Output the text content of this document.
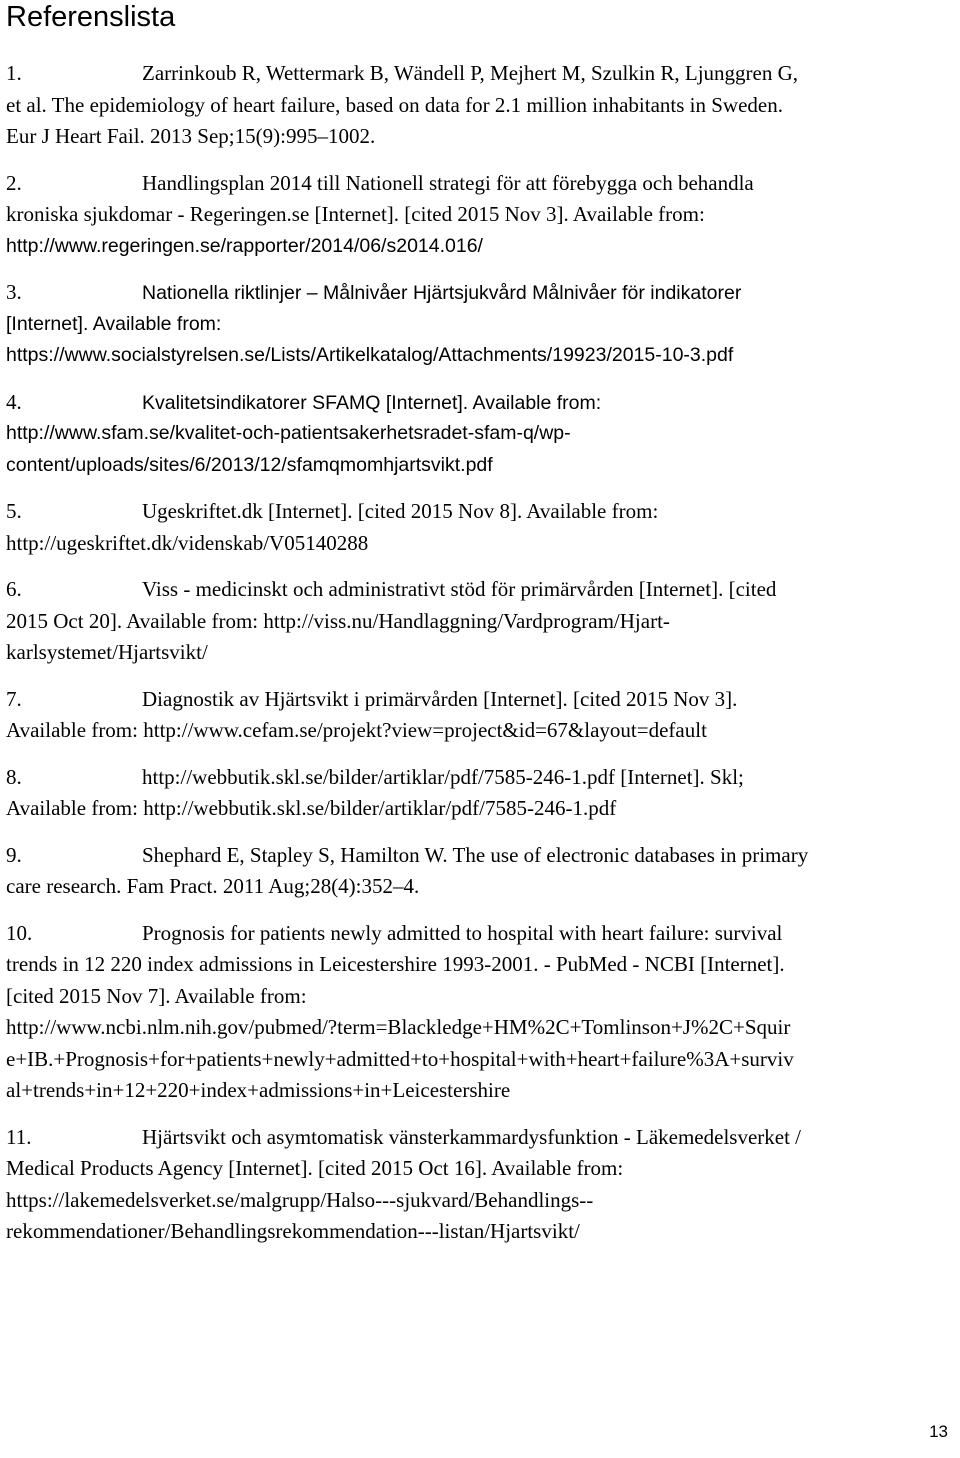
Referenslista
1.	Zarrinkoub R, Wettermark B, Wändell P, Mejhert M, Szulkin R, Ljunggren G,
et al. The epidemiology of heart failure, based on data for 2.1 million inhabitants in Sweden.
Eur J Heart Fail. 2013 Sep;15(9):995–1002.
2.	Handlingsplan 2014 till Nationell strategi för att förebygga och behandla
kroniska sjukdomar - Regeringen.se [Internet]. [cited 2015 Nov 3]. Available from:
http://www.regeringen.se/rapporter/2014/06/s2014.016/
3.	Nationella riktlinjer – Målnivåer Hjärtsjukvård Målnivåer för indikatorer
[Internet]. Available from:
https://www.socialstyrelsen.se/Lists/Artikelkatalog/Attachments/19923/2015-10-3.pdf
4.	Kvalitetsindikatorer SFAMQ [Internet]. Available from:
http://www.sfam.se/kvalitet-och-patientsakerhetsradet-sfam-q/wp-
content/uploads/sites/6/2013/12/sfamqmomhjartsvikt.pdf
5.	Ugeskriftet.dk [Internet]. [cited 2015 Nov 8]. Available from:
http://ugeskriftet.dk/videnskab/V05140288
6.	Viss - medicinskt och administrativt stöd för primärvården [Internet]. [cited
2015 Oct 20]. Available from: http://viss.nu/Handlaggning/Vardprogram/Hjart-
karlsystemet/Hjartsvikt/
7.	Diagnostik av Hjärtsvikt i primärvården [Internet]. [cited 2015 Nov 3].
Available from: http://www.cefam.se/projekt?view=project&id=67&layout=default
8.	http://webbutik.skl.se/bilder/artiklar/pdf/7585-246-1.pdf [Internet]. Skl;
Available from: http://webbutik.skl.se/bilder/artiklar/pdf/7585-246-1.pdf
9.	Shephard E, Stapley S, Hamilton W. The use of electronic databases in primary
care research. Fam Pract. 2011 Aug;28(4):352–4.
10.	Prognosis for patients newly admitted to hospital with heart failure: survival
trends in 12 220 index admissions in Leicestershire 1993-2001. - PubMed - NCBI [Internet].
[cited 2015 Nov 7]. Available from:
http://www.ncbi.nlm.nih.gov/pubmed/?term=Blackledge+HM%2C+Tomlinson+J%2C+Squir
e+IB.+Prognosis+for+patients+newly+admitted+to+hospital+with+heart+failure%3A+surviv
al+trends+in+12+220+index+admissions+in+Leicestershire
11.	Hjärtsvikt och asymtomatisk vänsterkammardysfunktion - Läkemedelsverket /
Medical Products Agency [Internet]. [cited 2015 Oct 16]. Available from:
https://lakemedelsverket.se/malgrupp/Halso---sjukvard/Behandlings--
rekommendationer/Behandlingsrekommendation---listan/Hjartsvikt/
13
